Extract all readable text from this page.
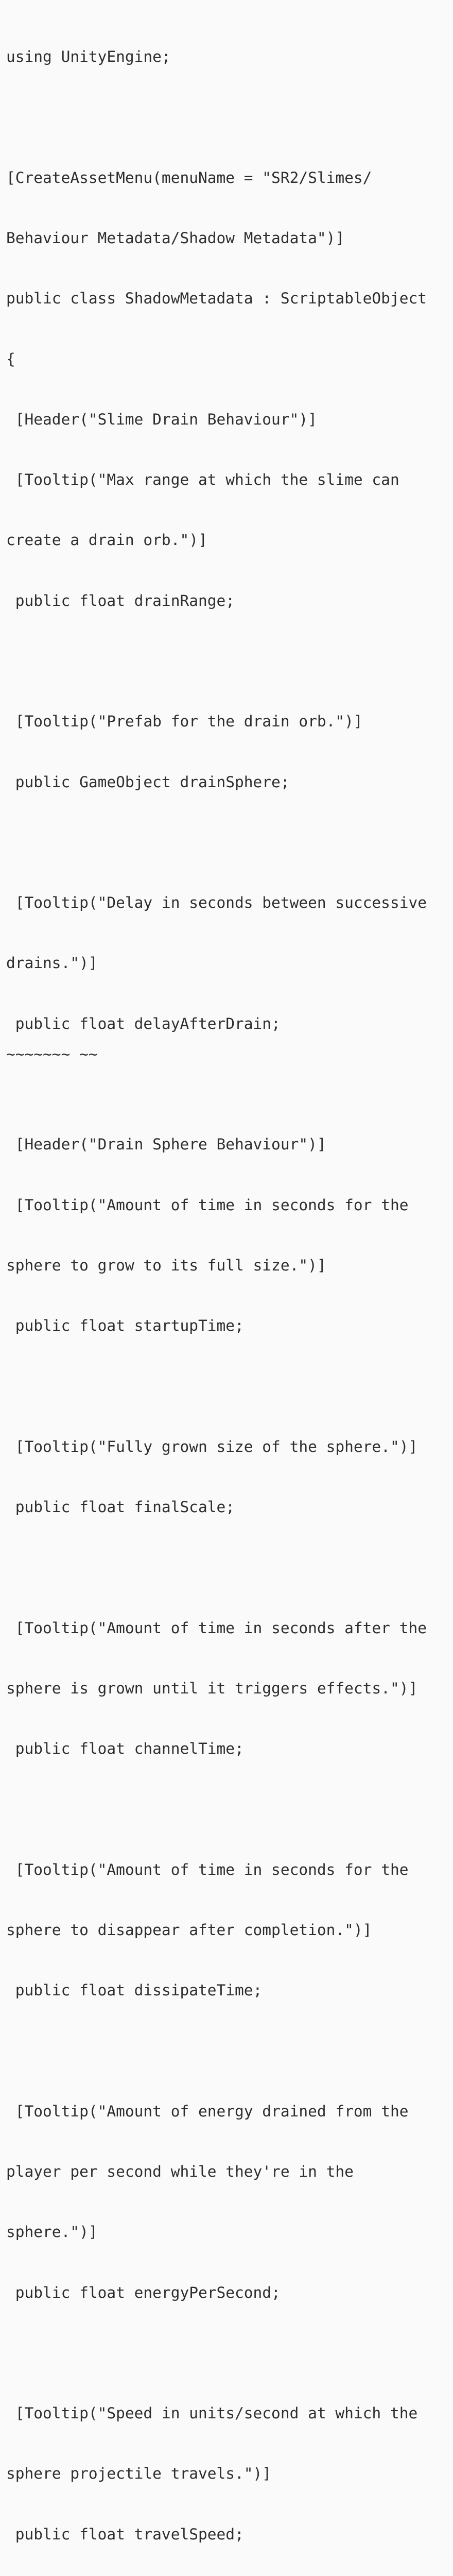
using UnityEngine;

[CreateAssetMenu(menuName = "SR2/Slimes/

Behaviour Metadata/Shadow Metadata")]

public class ShadowMetadata : ScriptableObject

{

[Header("Slime Drain Behaviour")]

[Tooltip("Max range at which the slime can

create a drain orb.")]

public float drainRange;

[Tooltip("Prefab for the drain orb.")]

public GameObject drainSphere;

[Tooltip("Delay in seconds between successive

drains.")]

public float delayAfterDrain;

[Header("Drain Sphere Behaviour")]

[Tooltip("Amount of time in seconds for the

sphere to grow to its full size.")]

public float startupTime;

[Tooltip("Fully grown size of the sphere.")]

public float finalScale;

[Tooltip("Amount of time in seconds after the

sphere is grown until it triggers effects.")]

public float channelTime;

[Tooltip("Amount of time in seconds for the

sphere to disappear after completion.")]

public float dissipateTime;

[Tooltip("Amount of energy drained from the

player per second while they're in the

sphere.")]

public float energyPerSecond;

[Tooltip("Speed in units/second at which the

sphere projectile travels.")]

public float travelSpeed;

~~~~~~~ ~~
